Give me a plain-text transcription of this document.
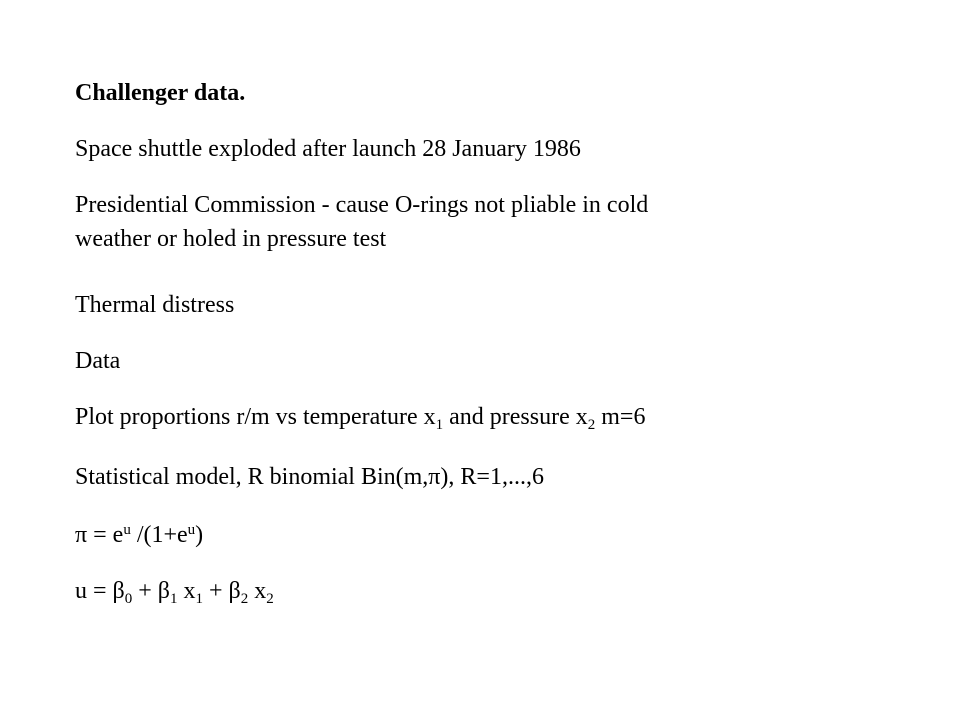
Challenger data.
Space shuttle exploded after launch 28 January 1986
Presidential Commission - cause O-rings not pliable in cold
weather or holed in pressure test
Thermal distress
Data
Plot proportions r/m vs temperature $x_1$ and pressure $x_2$ m=6
Statistical model, R binomial Bin(m,π), R=1,...,6
$\pi = e^u$ $/(1+e^u)$
$u = \beta_0 + \beta_1$ $x_1 + \beta_2$ $x_2$
